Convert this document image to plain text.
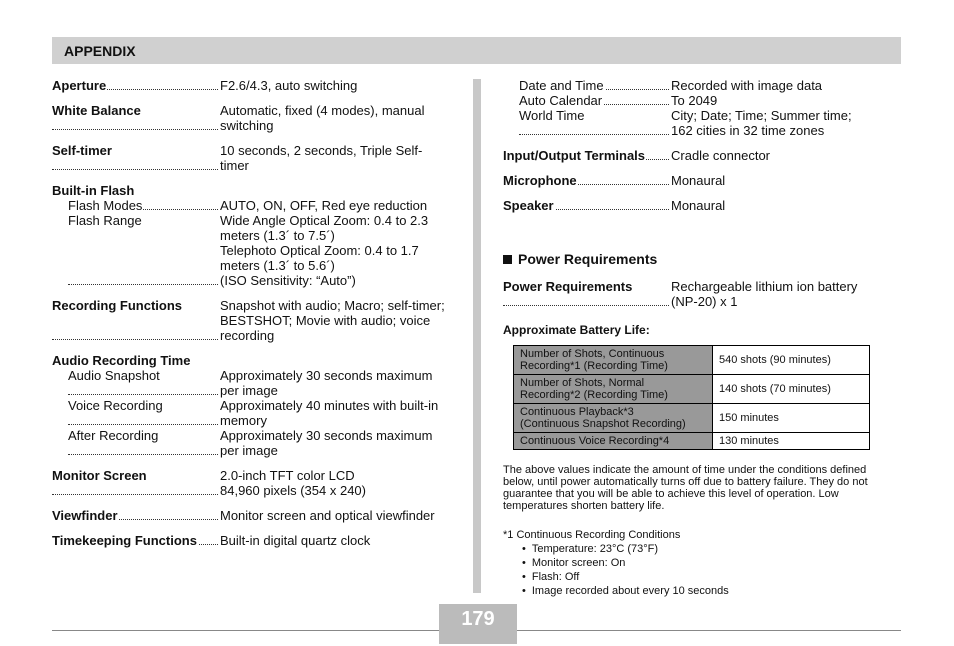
APPENDIX
Aperture	F2.6/4.3, auto switching
White Balance	Automatic, fixed (4 modes), manual
switching
Self-timer	10 seconds, 2 seconds, Triple Self-
timer
Built-in Flash
Flash Modes	AUTO, ON, OFF, Red eye reduction
Flash Range	Wide Angle Optical Zoom: 0.4 to 2.3
meters (1.3´ to 7.5´)
Telephoto Optical Zoom: 0.4 to 1.7
meters (1.3´ to 5.6´)
(ISO Sensitivity: “Auto”)
Recording Functions	Snapshot with audio; Macro; self-timer;
BESTSHOT; Movie with audio; voice
recording
Audio Recording Time
Audio Snapshot	Approximately 30 seconds maximum
per image
Voice Recording	Approximately 40 minutes with built-in
memory
After Recording	Approximately 30 seconds maximum
per image
Monitor Screen	2.0-inch TFT color LCD
84,960 pixels (354 x 240)
Viewfinder	Monitor screen and optical viewfinder
Timekeeping Functions	Built-in digital quartz clock
Date and Time	Recorded with image data
Auto Calendar	To 2049
World Time	City; Date; Time; Summer time;
162 cities in 32 time zones
Input/Output Terminals	Cradle connector
Microphone	Monaural
Speaker	Monaural
Power Requirements
Power Requirements	Rechargeable lithium ion battery
(NP-20) x 1
Approximate Battery Life:
Number of Shots, Continuous
Recording*1 (Recording Time)	540 shots (90 minutes)

Number of Shots, Normal
Recording*2 (Recording Time)	140 shots (70 minutes)

Continuous Playback*3
(Continuous Snapshot Recording)	150 minutes

Continuous Voice Recording*4	130 minutes
The above values indicate the amount of time under the conditions defined below, until power automatically turns off due to battery failure. They do not guarantee that you will be able to achieve this level of operation. Low temperatures shorten battery life.
*1 Continuous Recording Conditions
• Temperature: 23°C (73°F)
• Monitor screen: On
• Flash: Off
• Image recorded about every 10 seconds
179
